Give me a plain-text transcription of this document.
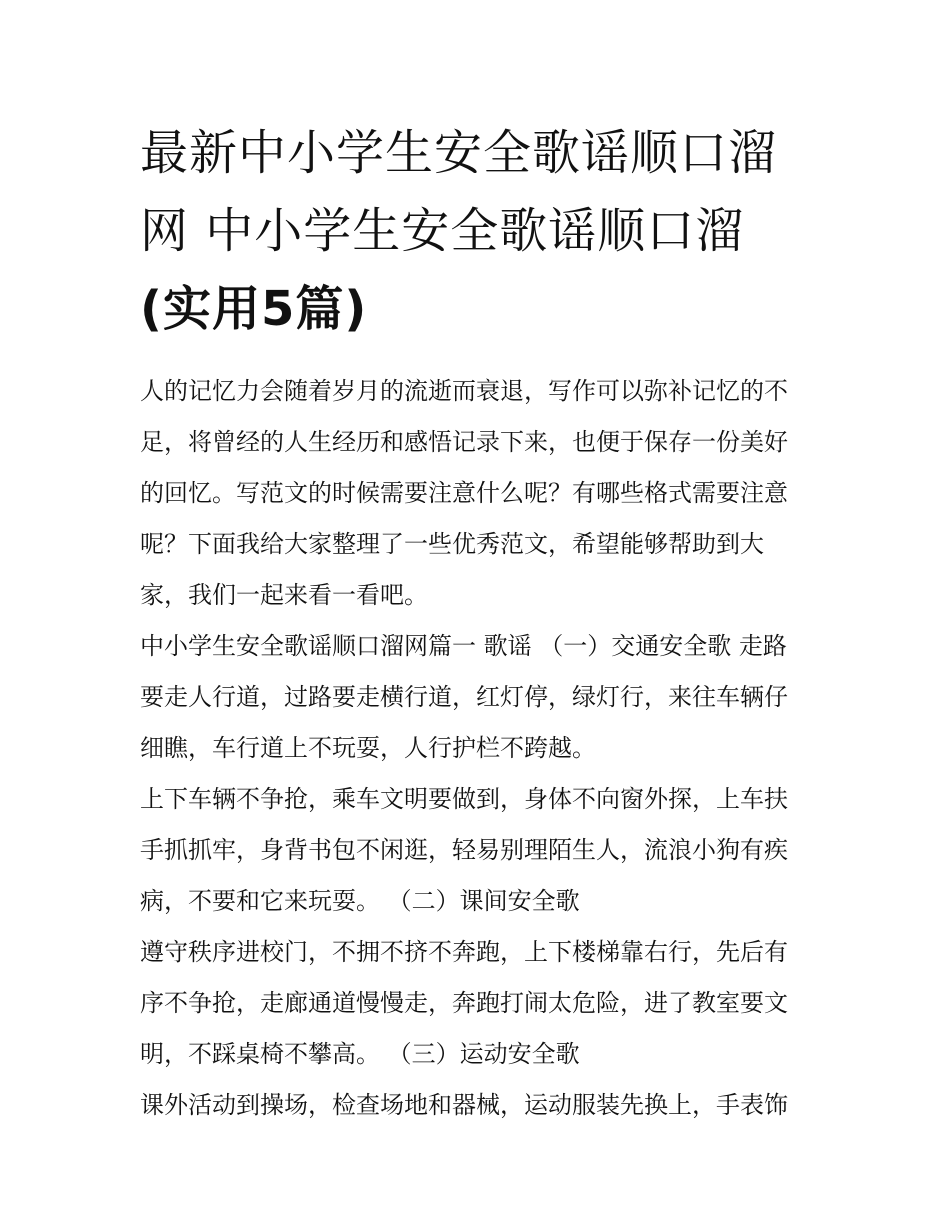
最新中小学生安全歌谣顺口溜
网 中小学生安全歌谣顺口溜
(实用5篇)

人的记忆力会随着岁月的流逝而衰退，写作可以弥补记忆的不
足，将曾经的人生经历和感悟记录下来，也便于保存一份美好
的回忆。写范文的时候需要注意什么呢？有哪些格式需要注意
呢？下面我给大家整理了一些优秀范文，希望能够帮助到大
家，我们一起来看一看吧。

中小学生安全歌谣顺口溜网篇一 歌谣 （一）交通安全歌 走路
要走人行道，过路要走横行道，红灯停，绿灯行，来往车辆仔
细瞧，车行道上不玩耍，人行护栏不跨越。

上下车辆不争抢，乘车文明要做到，身体不向窗外探，上车扶
手抓抓牢，身背书包不闲逛，轻易别理陌生人，流浪小狗有疾
病，不要和它来玩耍。 （二）课间安全歌

遵守秩序进校门，不拥不挤不奔跑，上下楼梯靠右行，先后有
序不争抢，走廊通道慢慢走，奔跑打闹太危险，进了教室要文
明，不踩桌椅不攀高。 （三）运动安全歌

课外活动到操场，检查场地和器械，运动服装先换上，手表饰
